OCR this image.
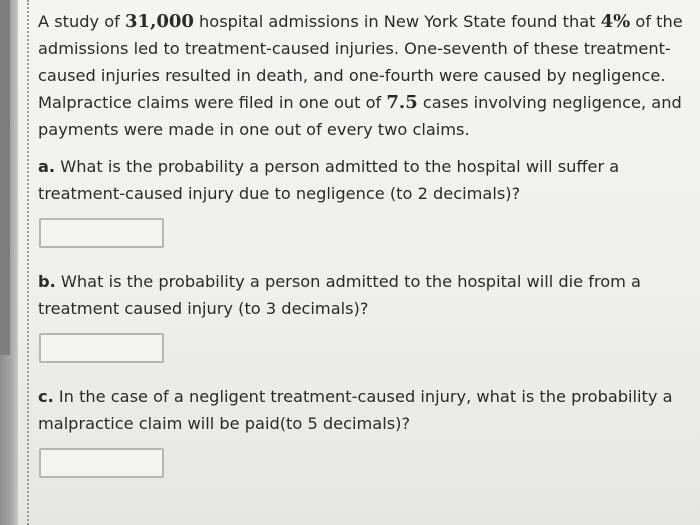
A study of 31,000 hospital admissions in New York State found that 4% of the admissions led to treatment-caused injuries. One-seventh of these treatment-caused injuries resulted in death, and one-fourth were caused by negligence. Malpractice claims were filed in one out of 7.5 cases involving negligence, and payments were made in one out of every two claims.

a. What is the probability a person admitted to the hospital will suffer a treatment-caused injury due to negligence (to 2 decimals)?

b. What is the probability a person admitted to the hospital will die from a treatment caused injury (to 3 decimals)?

c. In the case of a negligent treatment-caused injury, what is the probability a malpractice claim will be paid(to 5 decimals)?
